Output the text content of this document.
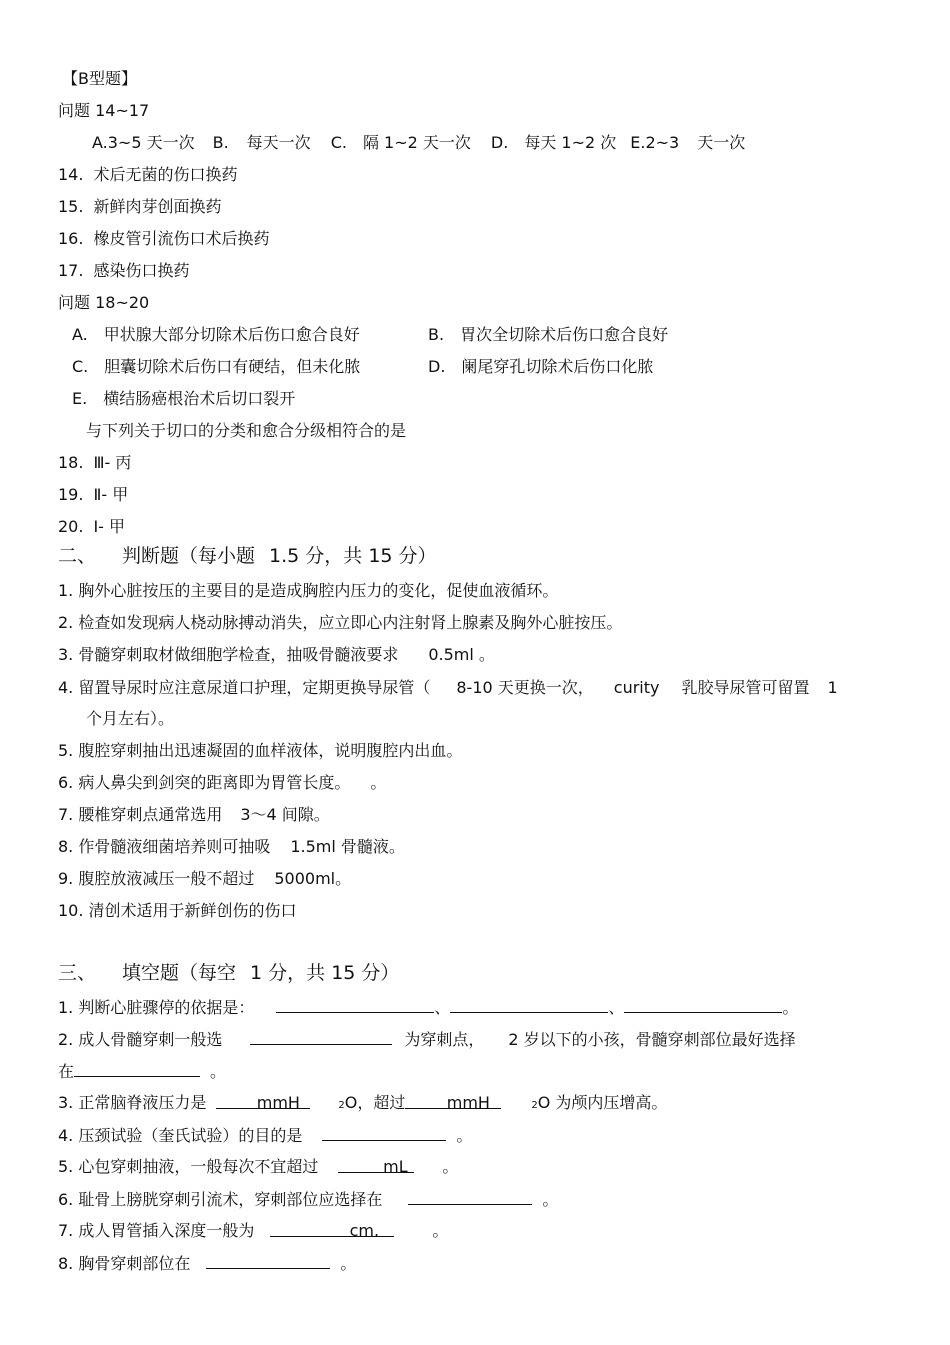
【B型题】
问题 14~17
A.3~5 天一次 B. 每天一次 C. 隔 1~2 天一次 D. 每天 1~2 次 E.2~3 天一次
14. 术后无菌的伤口换药
15. 新鲜肉芽创面换药
16. 橡皮管引流伤口术后换药
17. 感染伤口换药
问题 18~20
A. 甲状腺大部分切除术后伤口愈合良好	B. 胃次全切除术后伤口愈合良好
C. 胆囊切除术后伤口有硬结，但未化脓	D. 阑尾穿孔切除术后伤口化脓
E. 横结肠癌根治术后切口裂开
与下列关于切口的分类和愈合分级相符合的是
18. Ⅲ- 丙
19. Ⅱ- 甲
20. Ⅰ- 甲
二、 判断题（每小题 1.5 分，共 15 分）
1. 胸外心脏按压的主要目的是造成胸腔内压力的变化，促使血液循环。
2. 检查如发现病人桡动脉搏动消失，应立即心内注射肾上腺素及胸外心脏按压。
3. 骨髓穿刺取材做细胞学检查，抽吸骨髓液要求 0.5ml 。
4. 留置导尿时应注意尿道口护理，定期更换导尿管（ 8-10 天更换一次， curity 乳胶导尿管可留置 1
个月左右）。
5. 腹腔穿刺抽出迅速凝固的血样液体，说明腹腔内出血。
6. 病人鼻尖到剑突的距离即为胃管长度。 。
7. 腰椎穿刺点通常选用 3～4 间隙。
8. 作骨髓液细菌培养则可抽吸 1.5ml 骨髓液。
9. 腹腔放液减压一般不超过 5000ml。
10. 清创术适用于新鲜创伤的伤口
三、 填空题（每空 1 分，共 15 分）
1. 判断心脏骤停的依据是：	、	、	。
2. 成人骨髓穿刺一般选	为穿刺点， 2 岁以下的小孩，骨髓穿刺部位最好选择
在	。
3. 正常脑脊液压力是	mmH	2O，超过	mmH	2O 为颅内压增高。
4. 压颈试验（奎氏试验）的目的是	。
5. 心包穿刺抽液，一般每次不宜超过	mL 。
6. 耻骨上膀胱穿刺引流术，穿刺部位应选择在	。
7. 成人胃管插入深度一般为	cm.	。
8. 胸骨穿刺部位在	。
